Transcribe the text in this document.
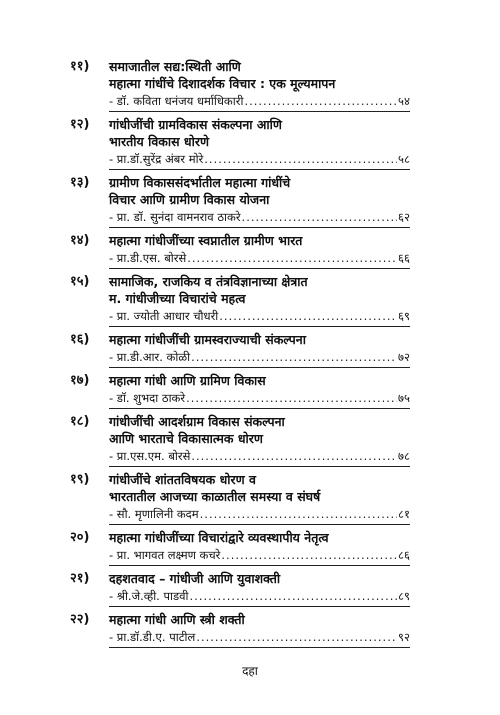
११) समाजातील सद्य:स्थिती आणि
महात्मा गांधींचे दिशादर्शक विचार : एक मूल्यमापन
- डॉ. कविता धनंजय धर्माधिकारी .....	५४
१२) गांधीजींची ग्रामविकास संकल्पना आणि
भारतीय विकास धोरणे
- प्रा.डॉ.सुरेंद्र अंबर मोरे .....	५८
१३) ग्रामीण विकाससंदर्भातील महात्मा गांधींचे
विचार आणि ग्रामीण विकास योजना
- प्रा. डॉ. सुनंदा वामनराव ठाकरे .....	६२
१४) महात्मा गांधीजींच्या स्वप्नातील ग्रामीण भारत
- प्रा.डी.एस. बोरसे .....	६६
१५) सामाजिक, राजकिय व तंत्रविज्ञानाच्या क्षेत्रात
म. गांधीजीच्या विचारांचे महत्व
- प्रा. ज्योती आधार चौधरी .....	६९
१६) महात्मा गांधीजींची ग्रामस्वराज्याची संकल्पना
- प्रा.डी.आर. कोळी .....	७२
१७) महात्मा गांधी आणि ग्रामिण विकास
- डॉ. शुभदा ठाकरे .....	७५
१८) गांधीजींची आदर्शग्राम विकास संकल्पना
आणि भारताचे विकासात्मक धोरण
- प्रा.एस.एम. बोरसे .....	७८
१९) गांधीजींचे शांततविषयक धोरण व
भारतातील आजच्या काळातील समस्या व संघर्ष
- सौ. मृणालिनी कदम .....	८१
२०) महात्मा गांधीजींच्या विचारांद्वारे व्यवस्थापीय नेतृत्व
- प्रा. भागवत लक्ष्मण कचरे .....	८६
२१) दहशतवाद – गांधीजी आणि युवाशक्ती
- श्री.जे.व्ही. पाडवी .....	८९
२२) महात्मा गांधी आणि स्त्री शक्ती
- प्रा.डॉ.डी.ए. पाटील .....	९२
दहा
